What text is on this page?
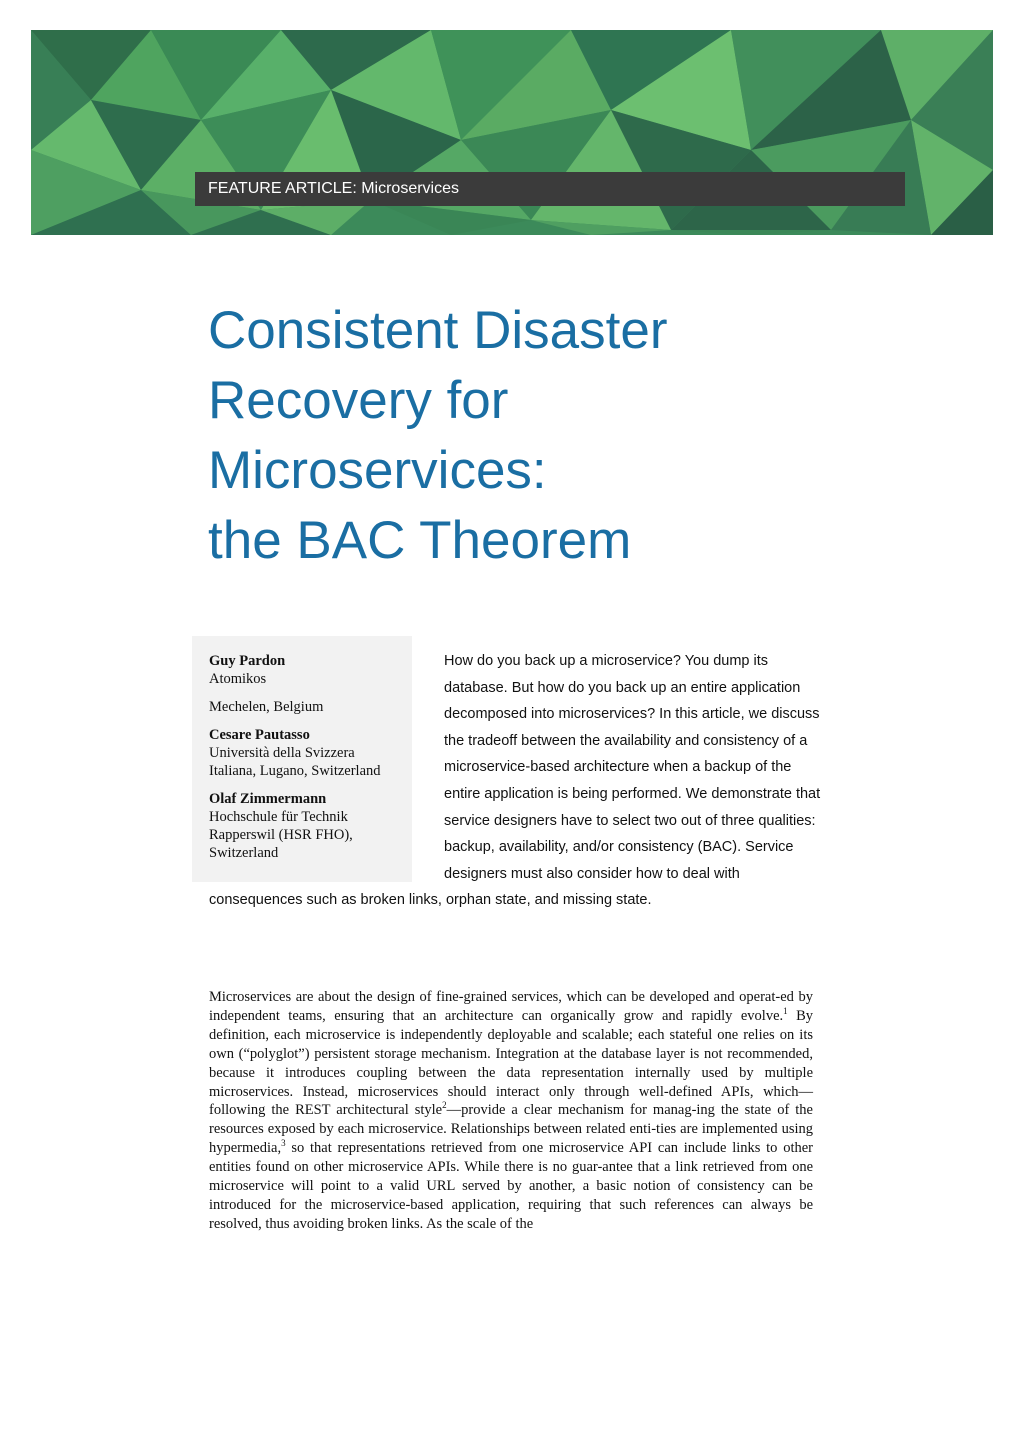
FEATURE ARTICLE: Microservices
Consistent Disaster
Recovery for
Microservices:
the BAC Theorem
Guy Pardon
Atomikos
Mechelen, Belgium
Cesare Pautasso
Università della Svizzera
Italiana, Lugano, Switzerland
Olaf Zimmermann
Hochschule für Technik
Rapperswil (HSR FHO),
Switzerland

How do you back up a microservice? You dump its database. But how do you back up an entire application decomposed into microservices? In this article, we discuss the tradeoff between the availability and consistency of a microservice-based architecture when a backup of the entire application is being performed. We demonstrate that service designers have to select two out of three qualities: backup, availability, and/or consistency (BAC). Service designers must also consider how to deal with consequences such as broken links, orphan state, and missing state.

Microservices are about the design of fine-grained services, which can be developed and operat-ed by independent teams, ensuring that an architecture can organically grow and rapidly evolve.$^1$ By definition, each microservice is independently deployable and scalable; each stateful one relies on its own (“polyglot”) persistent storage mechanism. Integration at the database layer is not recommended, because it introduces coupling between the data representation internally used by multiple microservices. Instead, microservices should interact only through well-defined APIs, which—following the REST architectural style$^2$—provide a clear mechanism for manag-ing the state of the resources exposed by each microservice. Relationships between related enti-ties are implemented using hypermedia,$^3$ so that representations retrieved from one microservice API can include links to other entities found on other microservice APIs. While there is no guar-antee that a link retrieved from one microservice will point to a valid URL served by another, a basic notion of consistency can be introduced for the microservice-based application, requiring that such references can always be resolved, thus avoiding broken links. As the scale of the
